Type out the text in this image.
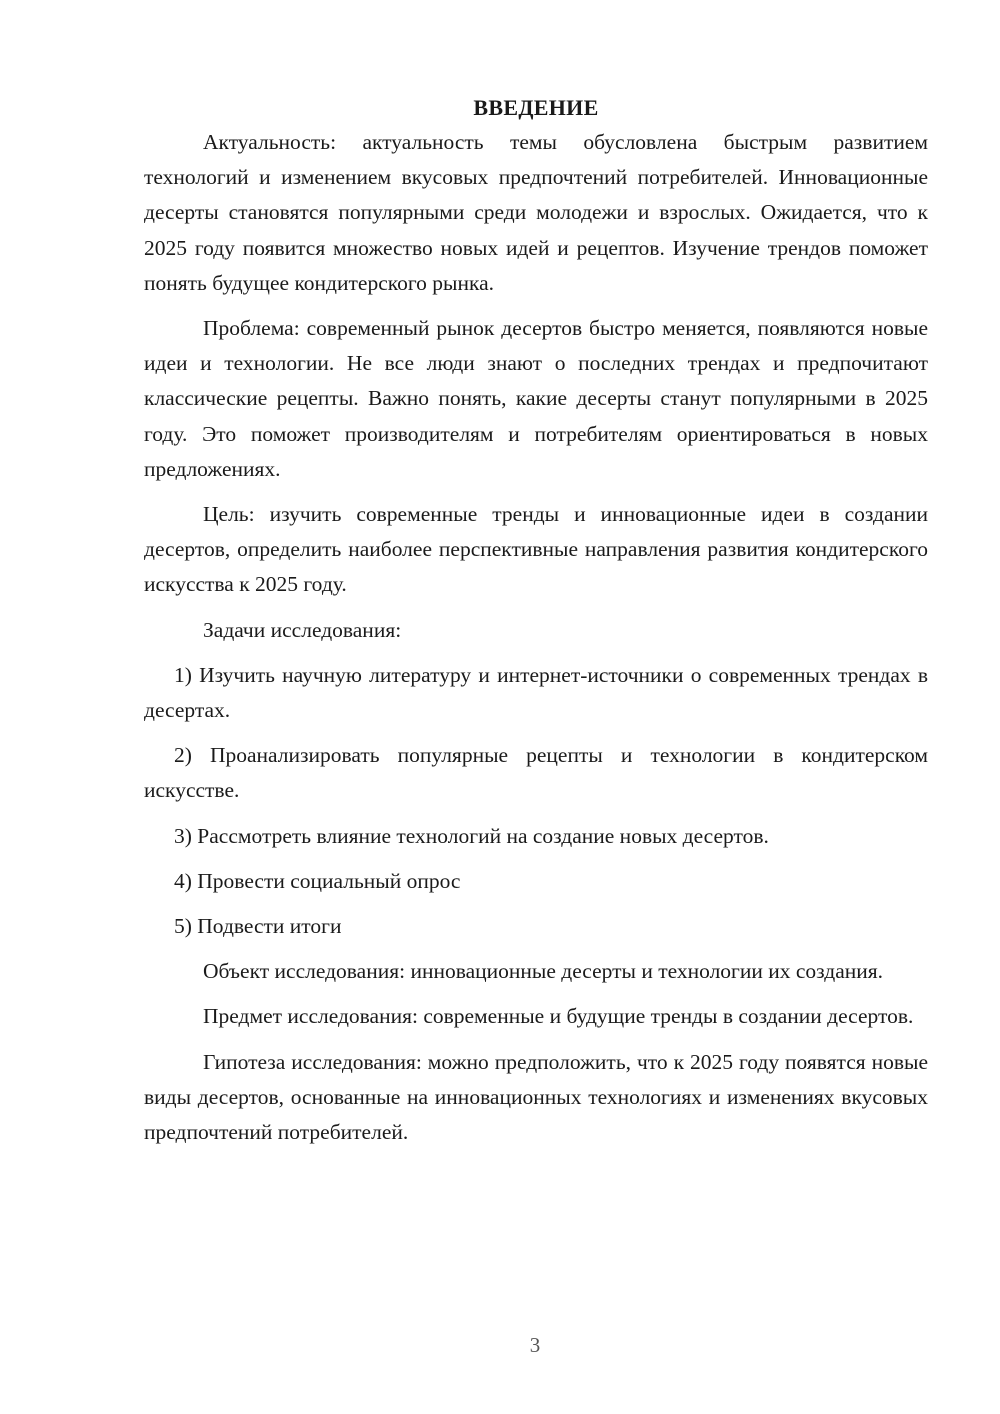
ВВЕДЕНИЕ

Актуальность: актуальность темы обусловлена быстрым развитием технологий и изменением вкусовых предпочтений потребителей. Инновационные десерты становятся популярными среди молодежи и взрослых. Ожидается, что к 2025 году появится множество новых идей и рецептов. Изучение трендов поможет понять будущее кондитерского рынка.

Проблема: современный рынок десертов быстро меняется, появляются новые идеи и технологии. Не все люди знают о последних трендах и предпочитают классические рецепты. Важно понять, какие десерты станут популярными в 2025 году. Это поможет производителям и потребителям ориентироваться в новых предложениях.

Цель: изучить современные тренды и инновационные идеи в создании десертов, определить наиболее перспективные направления развития кондитерского искусства к 2025 году.

Задачи исследования:

1) Изучить научную литературу и интернет-источники о современных трендах в десертах.

2) Проанализировать популярные рецепты и технологии в кондитерском искусстве.

3) Рассмотреть влияние технологий на создание новых десертов.

4) Провести социальный опрос

5) Подвести итоги

Объект исследования: инновационные десерты и технологии их создания.

Предмет исследования: современные и будущие тренды в создании десертов.

Гипотеза исследования: можно предположить, что к 2025 году появятся новые виды десертов, основанные на инновационных технологиях и изменениях вкусовых предпочтений потребителей.

3
